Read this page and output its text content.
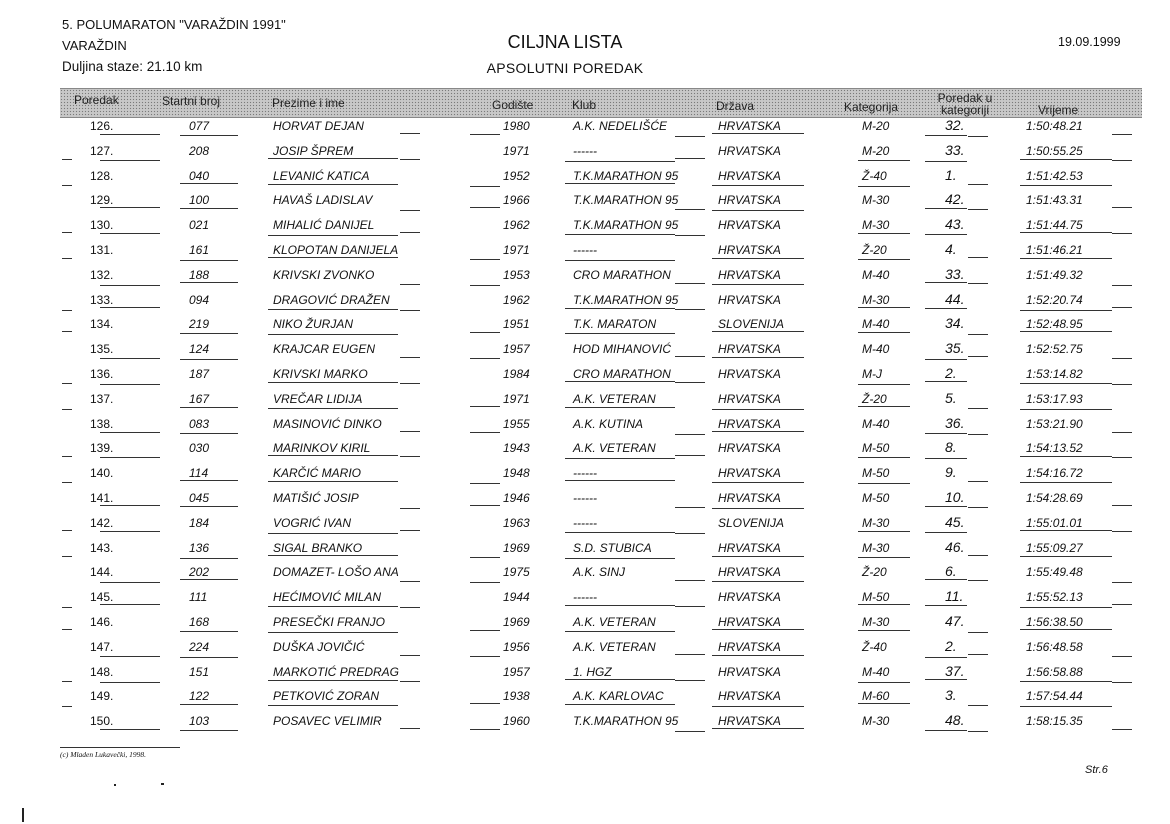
5. POLUMARATON "VARAŽDIN 1991"
VARAŽDIN
Duljina staze: 21.10 km
CILJNA LISTA
APSOLUTNI POREDAK
19.09.1999
Poredak	Startni broj	Prezime i ime	Godište	Klub	Država	Kategorija
Poredak u
kategoriji	Vrijeme
126.	077	HORVAT DEJAN	1980	A.K. NEDELIŠĆE	HRVATSKA	M-20	32.	1:50:48.21
127.	208	JOSIP ŠPREM	1971	------	HRVATSKA	M-20	33.	1:50:55.25
128.	040	LEVANIĆ KATICA	1952	T.K.MARATHON 95	HRVATSKA	Ž-40	1.	1:51:42.53
129.	100	HAVAŠ LADISLAV	1966	T.K.MARATHON 95	HRVATSKA	M-30	42.	1:51:43.31
130.	021	MIHALIĆ DANIJEL	1962	T.K.MARATHON 95	HRVATSKA	M-30	43.	1:51:44.75
131.	161	KLOPOTAN DANIJELA	1971	------	HRVATSKA	Ž-20	4.	1:51:46.21
132.	188	KRIVSKI ZVONKO	1953	CRO MARATHON	HRVATSKA	M-40	33.	1:51:49.32
133.	094	DRAGOVIĆ DRAŽEN	1962	T.K.MARATHON 95	HRVATSKA	M-30	44.	1:52:20.74
134.	219	NIKO ŽURJAN	1951	T.K. MARATON	SLOVENIJA	M-40	34.	1:52:48.95
135.	124	KRAJCAR EUGEN	1957	HOD MIHANOVIĆ	HRVATSKA	M-40	35.	1:52:52.75
136.	187	KRIVSKI MARKO	1984	CRO MARATHON	HRVATSKA	M-J	2.	1:53:14.82
137.	167	VREČAR LIDIJA	1971	A.K. VETERAN	HRVATSKA	Ž-20	5.	1:53:17.93
138.	083	MASINOVIĆ DINKO	1955	A.K. KUTINA	HRVATSKA	M-40	36.	1:53:21.90
139.	030	MARINKOV KIRIL	1943	A.K. VETERAN	HRVATSKA	M-50	8.	1:54:13.52
140.	114	KARČIĆ MARIO	1948	------	HRVATSKA	M-50	9.	1:54:16.72
141.	045	MATIŠIĆ JOSIP	1946	------	HRVATSKA	M-50	10.	1:54:28.69
142.	184	VOGRIĆ IVAN	1963	------	SLOVENIJA	M-30	45.	1:55:01.01
143.	136	SIGAL BRANKO	1969	S.D. STUBICA	HRVATSKA	M-30	46.	1:55:09.27
144.	202	DOMAZET- LOŠO ANA	1975	A.K. SINJ	HRVATSKA	Ž-20	6.	1:55:49.48
145.	111	HEĆIMOVIĆ MILAN	1944	------	HRVATSKA	M-50	11.	1:55:52.13
146.	168	PRESEČKI FRANJO	1969	A.K. VETERAN	HRVATSKA	M-30	47.	1:56:38.50
147.	224	DUŠKA JOVIČIĆ	1956	A.K. VETERAN	HRVATSKA	Ž-40	2.	1:56:48.58
148.	151	MARKOTIĆ PREDRAG	1957	1. HGZ	HRVATSKA	M-40	37.	1:56:58.88
149.	122	PETKOVIĆ ZORAN	1938	A.K. KARLOVAC	HRVATSKA	M-60	3.	1:57:54.44
150.	103	POSAVEC VELIMIR	1960	T.K.MARATHON 95	HRVATSKA	M-30	48.	1:58:15.35
(c) Mladen Lukavečki, 1998.
Str.6
